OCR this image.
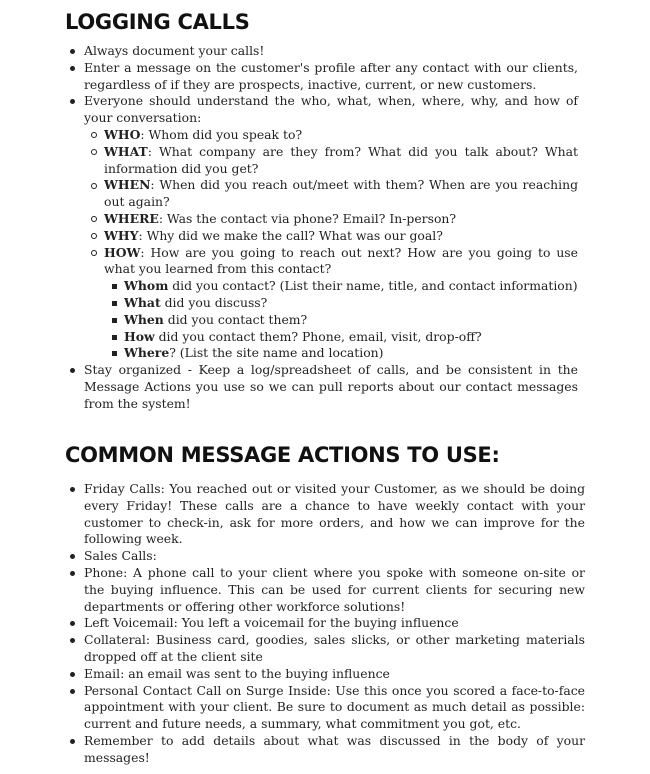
LOGGING CALLS
Always document your calls!
Enter a message on the customer's profile after any contact with our clients, regardless of if they are prospects, inactive, current, or new customers.
Everyone should understand the who, what, when, where, why, and how of your conversation:
WHO: Whom did you speak to?
WHAT: What company are they from? What did you talk about? What information did you get?
WHEN: When did you reach out/meet with them? When are you reaching out again?
WHERE: Was the contact via phone? Email? In-person?
WHY: Why did we make the call? What was our goal?
HOW: How are you going to reach out next? How are you going to use what you learned from this contact?
Whom did you contact? (List their name, title, and contact information)
What did you discuss?
When did you contact them?
How did you contact them? Phone, email, visit, drop-off?
Where? (List the site name and location)
Stay organized - Keep a log/spreadsheet of calls, and be consistent in the Message Actions you use so we can pull reports about our contact messages from the system!
COMMON MESSAGE ACTIONS TO USE:
Friday Calls: You reached out or visited your Customer, as we should be doing every Friday! These calls are a chance to have weekly contact with your customer to check-in, ask for more orders, and how we can improve for the following week.
Sales Calls:
Phone: A phone call to your client where you spoke with someone on-site or the buying influence. This can be used for current clients for securing new departments or offering other workforce solutions!
Left Voicemail: You left a voicemail for the buying influence
Collateral: Business card, goodies, sales slicks, or other marketing materials dropped off at the client site
Email: an email was sent to the buying influence
Personal Contact Call on Surge Inside: Use this once you scored a face-to-face appointment with your client. Be sure to document as much detail as possible: current and future needs, a summary, what commitment you got, etc.
Remember to add details about what was discussed in the body of your messages!
